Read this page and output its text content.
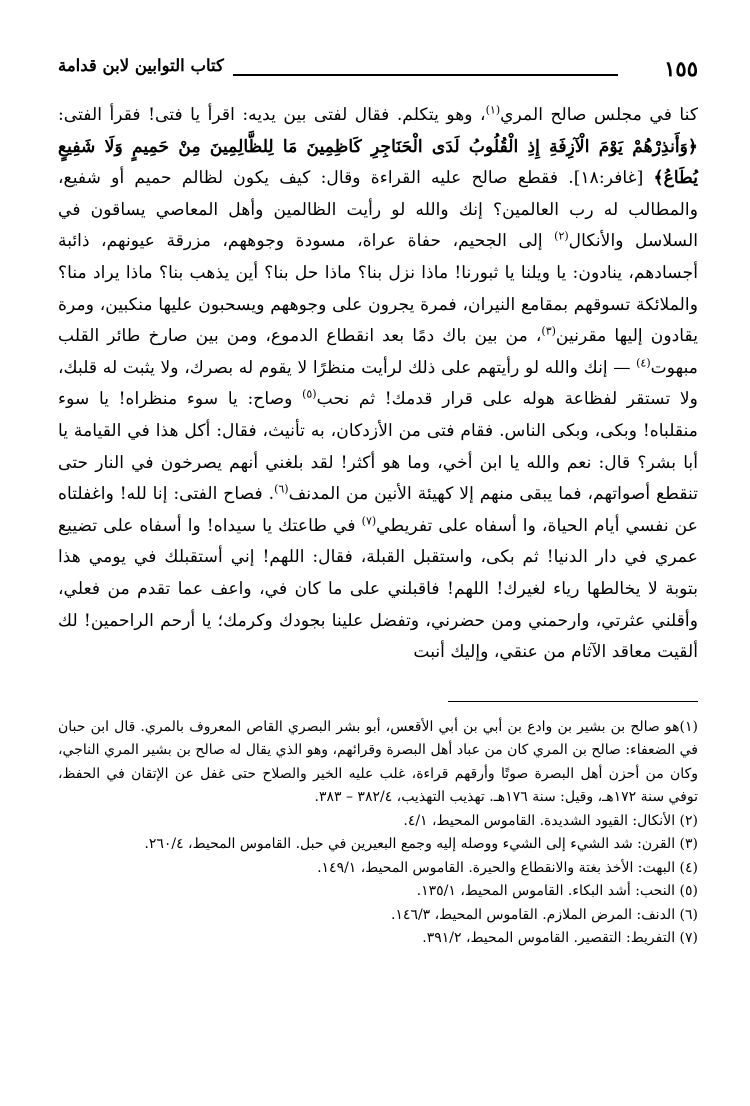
١٥٥
كتاب التوابين لابن قدامة
كنا في مجلس صالح المري$^{(١)}$، وهو يتكلم. فقال لفتى بين يديه: اقرأ يا فتى! فقرأ الفتى: ﴿وَأَنذِرْهُمْ يَوْمَ الْآزِفَةِ إِذِ الْقُلُوبُ لَدَى الْحَنَاجِرِ كَاظِمِينَ مَا لِلظَّالِمِينَ مِنْ حَمِيمٍ وَلَا شَفِيعٍ يُطَاعُ﴾ [غافر:١٨]. فقطع صالح عليه القراءة وقال: كيف يكون لظالم حميم أو شفيع، والمطالب له رب العالمين؟ إنك والله لو رأيت الظالمين وأهل المعاصي يساقون في السلاسل والأنكال$^{(٢)}$ إلى الجحيم، حفاة عراة، مسودة وجوههم، مزرقة عيونهم، ذائبة أجسادهم، ينادون: يا ويلنا يا ثبورنا! ماذا نزل بنا؟ ماذا حل بنا؟ أين يذهب بنا؟ ماذا يراد منا؟ والملائكة تسوقهم بمقامع النيران، فمرة يجرون على وجوههم ويسحبون عليها منكبين، ومرة يقادون إليها مقرنين$^{(٣)}$، من بين باك دمًا بعد انقطاع الدموع، ومن بين صارخ طائر القلب مبهوت$^{(٤)}$ — إنك والله لو رأيتهم على ذلك لرأيت منظرًا لا يقوم له بصرك، ولا يثبت له قلبك، ولا تستقر لفظاعة هوله على قرار قدمك! ثم نحب$^{(٥)}$ وصاح: يا سوء منظراه! يا سوء منقلباه! وبكى، وبكى الناس. فقام فتى من الأزدكان، به تأنيث، فقال: أكل هذا في القيامة يا أبا بشر؟ قال: نعم والله يا ابن أخي، وما هو أكثر! لقد بلغني أنهم يصرخون في النار حتى تنقطع أصواتهم، فما يبقى منهم إلا كهيئة الأنين من المدنف$^{(٦)}$. فصاح الفتى: إنا لله! واغفلتاه عن نفسي أيام الحياة، وا أسفاه على تفريطي$^{(٧)}$ في طاعتك يا سيداه! وا أسفاه على تضييع عمري في دار الدنيا! ثم بكى، واستقبل القبلة، فقال: اللهم! إني أستقبلك في يومي هذا بتوبة لا يخالطها رياء لغيرك! اللهم! فاقبلني على ما كان في، واعف عما تقدم من فعلي، وأقلني عثرتي، وارحمني ومن حضرني، وتفضل علينا بجودك وكرمك؛ يا أرحم الراحمين! لك ألقيت معاقد الآثام من عنقي، وإليك أنبت
(١)هو صالح بن بشير بن وادع بن أبي بن أبي الأقعس، أبو بشر البصري القاص المعروف بالمري. قال ابن حبان في الضعفاء: صالح بن المري كان من عباد أهل البصرة وقرائهم، وهو الذي يقال له صالح بن بشير المري الناجي، وكان من أحزن أهل البصرة صوتًا وأرقهم قراءة، غلب عليه الخير والصلاح حتى غفل عن الإتقان في الحفظ، توفي سنة ١٧٢هـ، وقيل: سنة ١٧٦هـ. تهذيب التهذيب، ٣٨٢/٤ – ٣٨٣.
(٢) الأنكال: القيود الشديدة. القاموس المحيط، ٤/١.
(٣) القرن: شد الشيء إلى الشيء ووصله إليه وجمع البعيرين في حبل. القاموس المحيط، ٢٦٠/٤.
(٤) البهت: الأخذ بغتة والانقطاع والحيرة. القاموس المحيط، ١٤٩/١.
(٥) النحب: أشد البكاء. القاموس المحيط، ١٣٥/١.
(٦) الدنف: المرض الملازم. القاموس المحيط، ١٤٦/٣.
(٧) التفريط: التقصير. القاموس المحيط، ٣٩١/٢.
